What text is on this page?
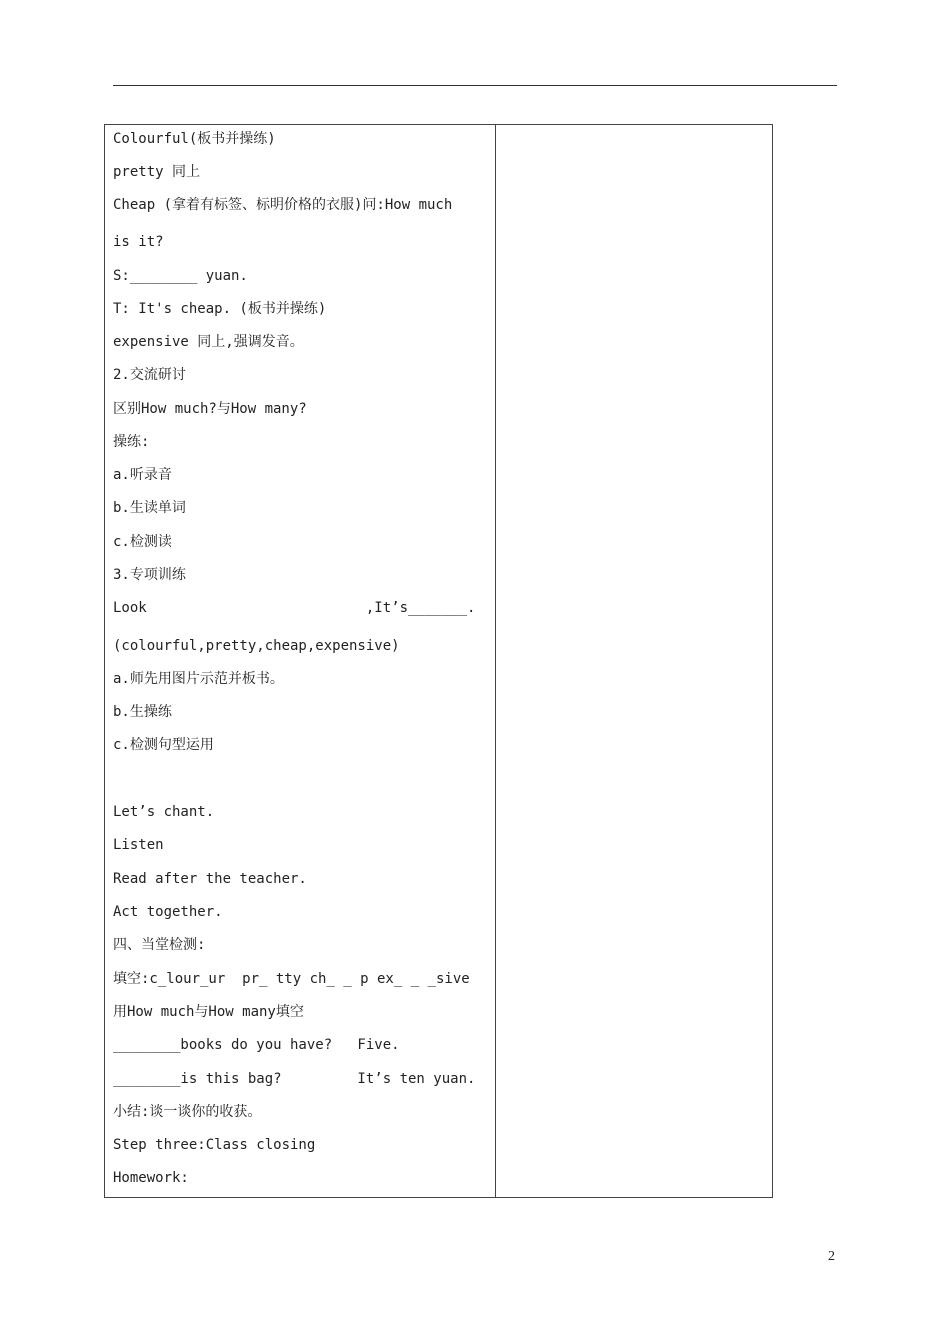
Colourful(板书并操练)
pretty 同上
Cheap (拿着有标签、标明价格的衣服)问:How much
is it?
S:________ yuan.
T: It's cheap. (板书并操练)
expensive 同上,强调发音。
2.交流研讨
区别How much?与How many?
操练:
a.听录音
b.生读单词
c.检测读
3.专项训练
Look                          ,It’s_______.
(colourful,pretty,cheap,expensive)
a.师先用图片示范并板书。
b.生操练
c.检测句型运用
Let’s chant.
Listen
Read after the teacher.
Act together.
四、当堂检测:
填空:c_lour_ur  pr_ tty ch_ _ p ex_ _ _sive
用How much与How many填空
________books do you have?   Five.
________is this bag?         It’s ten yuan.
小结:谈一谈你的收获。
Step three:Class closing
Homework:
2
